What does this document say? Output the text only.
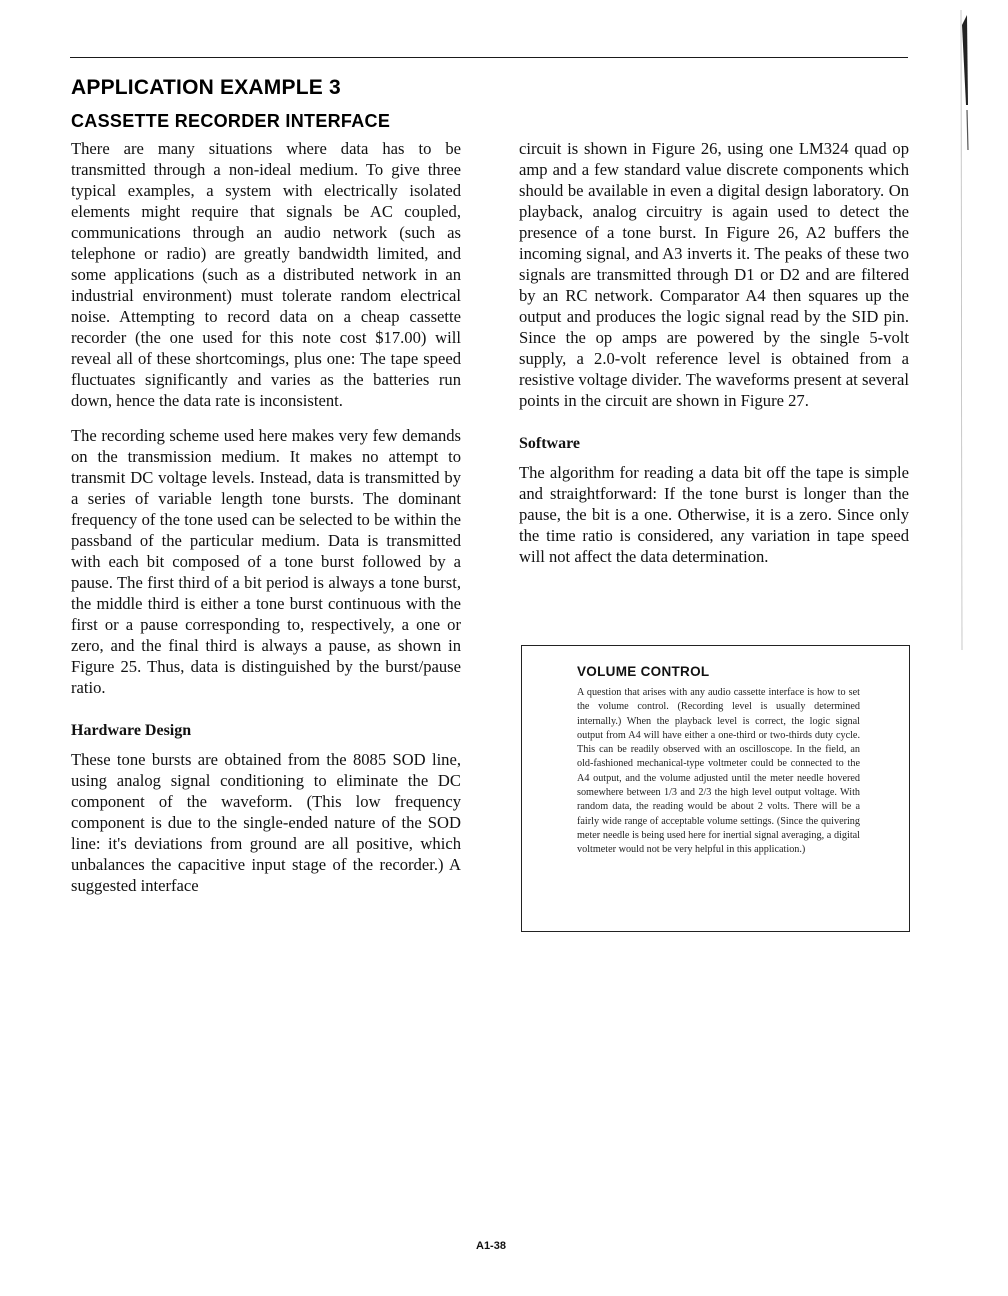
APPLICATION EXAMPLE 3
CASSETTE RECORDER INTERFACE

There are many situations where data has to be transmitted through a non-ideal medium. To give three typical examples, a system with electrically isolated elements might require that signals be AC coupled, communications through an audio network (such as telephone or radio) are greatly bandwidth limited, and some applications (such as a distributed network in an industrial environment) must tolerate random electrical noise. Attempting to record data on a cheap cassette recorder (the one used for this note cost $17.00) will reveal all of these shortcomings, plus one: The tape speed fluctuates significantly and varies as the batteries run down, hence the data rate is inconsistent.

The recording scheme used here makes very few demands on the transmission medium. It makes no attempt to transmit DC voltage levels. Instead, data is transmitted by a series of variable length tone bursts. The dominant frequency of the tone used can be selected to be within the passband of the particular medium. Data is transmitted with each bit composed of a tone burst followed by a pause. The first third of a bit period is always a tone burst, the middle third is either a tone burst continuous with the first or a pause corresponding to, respectively, a one or zero, and the final third is always a pause, as shown in Figure 25. Thus, data is distinguished by the burst/pause ratio.

Hardware Design

These tone bursts are obtained from the 8085 SOD line, using analog signal conditioning to eliminate the DC component of the waveform. (This low frequency component is due to the single-ended nature of the SOD line: it's deviations from ground are all positive, which unbalances the capacitive input stage of the recorder.) A suggested interface

circuit is shown in Figure 26, using one LM324 quad op amp and a few standard value discrete components which should be available in even a digital design laboratory. On playback, analog circuitry is again used to detect the presence of a tone burst. In Figure 26, A2 buffers the incoming signal, and A3 inverts it. The peaks of these two signals are transmitted through D1 or D2 and are filtered by an RC network. Comparator A4 then squares up the output and produces the logic signal read by the SID pin. Since the op amps are powered by the single 5-volt supply, a 2.0-volt reference level is obtained from a resistive voltage divider. The waveforms present at several points in the circuit are shown in Figure 27.

Software

The algorithm for reading a data bit off the tape is simple and straightforward: If the tone burst is longer than the pause, the bit is a one. Otherwise, it is a zero. Since only the time ratio is considered, any variation in tape speed will not affect the data determination.

VOLUME CONTROL

A question that arises with any audio cassette interface is how to set the volume control. (Recording level is usually determined internally.) When the playback level is correct, the logic signal output from A4 will have either a one-third or two-thirds duty cycle. This can be readily observed with an oscilloscope. In the field, an old-fashioned mechanical-type voltmeter could be connected to the A4 output, and the volume adjusted until the meter needle hovered somewhere between 1/3 and 2/3 the high level output voltage. With random data, the reading would be about 2 volts. There will be a fairly wide range of acceptable volume settings. (Since the quivering meter needle is being used here for inertial signal averaging, a digital voltmeter would not be very helpful in this application.)

A1-38
